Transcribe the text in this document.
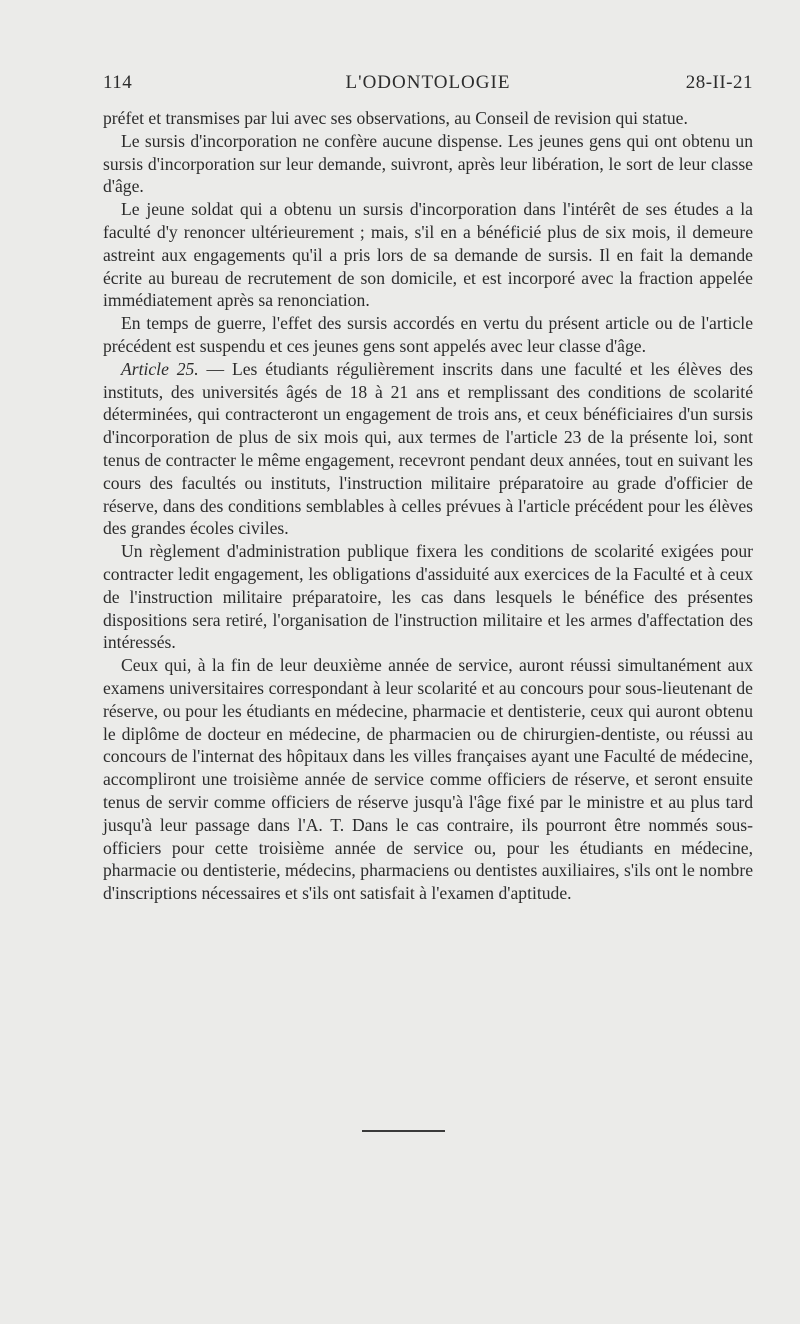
114	L'ODONTOLOGIE	28-II-21

préfet et transmises par lui avec ses observations, au Conseil de revision qui statue.

Le sursis d'incorporation ne confère aucune dispense. Les jeunes gens qui ont obtenu un sursis d'incorporation sur leur demande, suivront, après leur libération, le sort de leur classe d'âge.

Le jeune soldat qui a obtenu un sursis d'incorporation dans l'intérêt de ses études a la faculté d'y renoncer ultérieurement ; mais, s'il en a bénéficié plus de six mois, il demeure astreint aux engagements qu'il a pris lors de sa demande de sursis. Il en fait la demande écrite au bureau de recrutement de son domicile, et est incorporé avec la fraction appelée immédiatement après sa renonciation.

En temps de guerre, l'effet des sursis accordés en vertu du présent article ou de l'article précédent est suspendu et ces jeunes gens sont appelés avec leur classe d'âge.

Article 25. — Les étudiants régulièrement inscrits dans une faculté et les élèves des instituts, des universités âgés de 18 à 21 ans et remplissant des conditions de scolarité déterminées, qui contracteront un engagement de trois ans, et ceux bénéficiaires d'un sursis d'incorporation de plus de six mois qui, aux termes de l'article 23 de la présente loi, sont tenus de contracter le même engagement, recevront pendant deux années, tout en suivant les cours des facultés ou instituts, l'instruction militaire préparatoire au grade d'officier de réserve, dans des conditions semblables à celles prévues à l'article précédent pour les élèves des grandes écoles civiles.

Un règlement d'administration publique fixera les conditions de scolarité exigées pour contracter ledit engagement, les obligations d'assiduité aux exercices de la Faculté et à ceux de l'instruction militaire préparatoire, les cas dans lesquels le bénéfice des présentes dispositions sera retiré, l'organisation de l'instruction militaire et les armes d'affectation des intéressés.

Ceux qui, à la fin de leur deuxième année de service, auront réussi simultanément aux examens universitaires correspondant à leur scolarité et au concours pour sous-lieutenant de réserve, ou pour les étudiants en médecine, pharmacie et dentisterie, ceux qui auront obtenu le diplôme de docteur en médecine, de pharmacien ou de chirurgien-dentiste, ou réussi au concours de l'internat des hôpitaux dans les villes françaises ayant une Faculté de médecine, accompliront une troisième année de service comme officiers de réserve, et seront ensuite tenus de servir comme officiers de réserve jusqu'à l'âge fixé par le ministre et au plus tard jusqu'à leur passage dans l'A. T. Dans le cas contraire, ils pourront être nommés sous-officiers pour cette troisième année de service ou, pour les étudiants en médecine, pharmacie ou dentisterie, médecins, pharmaciens ou dentistes auxiliaires, s'ils ont le nombre d'inscriptions nécessaires et s'ils ont satisfait à l'examen d'aptitude.
